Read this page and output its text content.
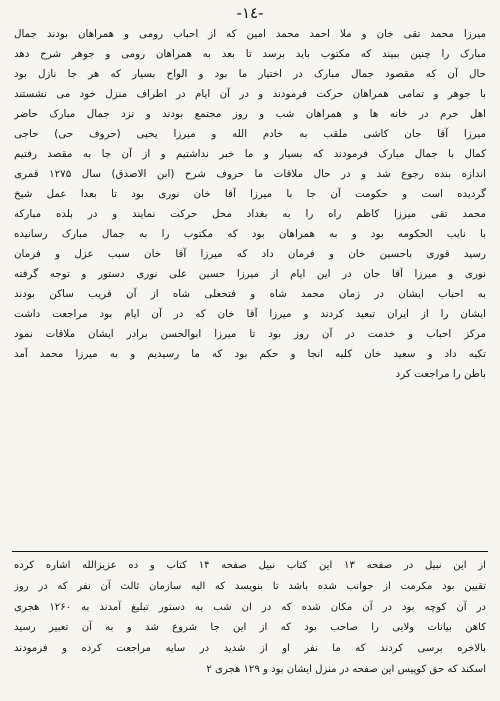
-١٤-
میرزا محمد تقی خان و ملا احمد محمد امین که از احباب رومی و همراهان بودند جمال
مبارک را چنین ببیند که مکتوب باید برسد تا بعد به همراهان رومی و جوهر شرح دهد
حال آن که مقصود جمال مبارک در اختیار ما بود و الواح بسیار که هر جا نازل بود
با جوهر و تمامی همراهان حرکت فرمودند و در آن ایام در اطراف منزل خود می نشستند
اهل حرم در خانه ها و همراهان شب و روز مجتمع بودند و نزد جمال مبارک حاضر
میرزا آقا جان کاشی ملقب به خادم الله و میرزا یحیی (حروف حی) حاجی
کمال با جمال مبارک فرمودند که بسیار و ما خبر نداشتیم و از آن جا به مقصد رفتیم
اندازه بنده رجوع شد و در حال ملاقات ما حروف شرح (ابن الاصدق) سال ۱۲۷۵ قمری
گردیده است و حکومت آن جا با میرزا آقا خان نوری بود تا بعدا عمل شیخ
محمد تقی میرزا کاظم راه را به بغداد محل حرکت نمایند و در بلده مبارکه
با نایب الحکومه بود و به همراهان بود که مکتوب را به جمال مبارک رسانیده
رسید قوری باحسین خان و فرمان داد که میرزا آقا خان سبب عزل و فرمان
نوری و میرزا آقا جان در این ایام از میرزا حسین علی نوری دستور و توجه گرفته
به احباب ایشان در زمان محمد شاه و فتحعلی شاه از آن قریب ساکن بودند
ایشان را از ایران تبعید کردند و میرزا آقا خان که در آن ایام بود مراجعت داشت
مرکز احباب و خدمت در آن روز بود تا میرزا ابوالحسن برادر ایشان ملاقات نمود
تکیه داد و سعید خان کلیه انجا و حکم بود که ما رسیدیم و به میرزا محمد آمد
باطن را مراجعت کرد
از این نبیل در صفحه ۱۳ این کتاب نبیل صفحه ۱۴ کتاب و ده عزیزالله اشاره کرده
تقیین بود مکرمت از جوانب شده باشد تا بنویسد که الیه سازمان ثالث آن نفر که در روز
در آن کوچه بود در آن مکان شده که در ان شب به دستور تبلیغ آمدند به ۱۲۶۰ هجری
کاهن بیانات ولایی را صاحب بود که از این جا شروع شد و به آن تعبیر رسید
بالاخره برسی کردند که ما نفر او از شدید در سایه مراجعت کرده و فرمودند
اسکند که حق کوپیس این صفحه در منزل ایشان بود و ۱۲۹ هجری ۲
